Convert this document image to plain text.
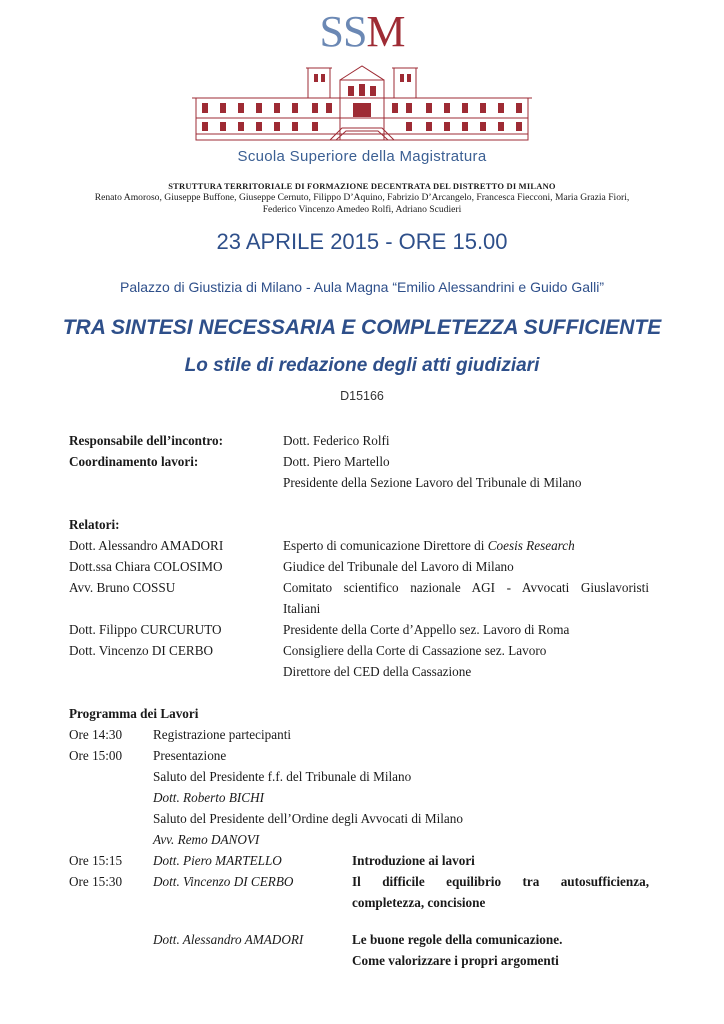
SSM
Scuola Superiore della Magistratura
STRUTTURA TERRITORIALE DI FORMAZIONE DECENTRATA DEL DISTRETTO DI MILANO
Renato Amoroso, Giuseppe Buffone, Giuseppe Cernuto, Filippo D’Aquino, Fabrizio D’Arcangelo, Francesca Fiecconi, Maria Grazia Fiori,
Federico Vincenzo Amedeo Rolfi, Adriano Scudieri
23 APRILE 2015 - ORE 15.00
Palazzo di Giustizia di Milano - Aula Magna “Emilio Alessandrini e Guido Galli”
TRA SINTESI NECESSARIA E COMPLETEZZA SUFFICIENTE
Lo stile di redazione degli atti giudiziari
D15166
Responsabile dell’incontro:	Dott. Federico Rolfi
Coordinamento lavori:	Dott. Piero Martello
Presidente della Sezione Lavoro del Tribunale di Milano
Relatori:
Dott. Alessandro AMADORI	Esperto di comunicazione Direttore di Coesis Research
Dott.ssa Chiara COLOSIMO	Giudice del Tribunale del Lavoro di Milano
Avv. Bruno COSSU	Comitato scientifico nazionale AGI - Avvocati Giuslavoristi
Italiani
Dott. Filippo CURCURUTO	Presidente della Corte d’Appello sez. Lavoro di Roma
Dott. Vincenzo DI CERBO	Consigliere della Corte di Cassazione sez. Lavoro
Direttore del CED della Cassazione
Programma dei Lavori
Ore 14:30 Registrazione partecipanti
Ore 15:00 Presentazione
Saluto del Presidente f.f. del Tribunale di Milano
Dott. Roberto BICHI
Saluto del Presidente dell’Ordine degli Avvocati di Milano
Avv. Remo DANOVI
Ore 15:15 Dott. Piero MARTELLO	Introduzione ai lavori
Ore 15:30 Dott. Vincenzo DI CERBO	Il difficile equilibrio tra autosufficienza,
completezza, concisione
Dott. Alessandro AMADORI	Le buone regole della comunicazione.
Come valorizzare i propri argomenti
